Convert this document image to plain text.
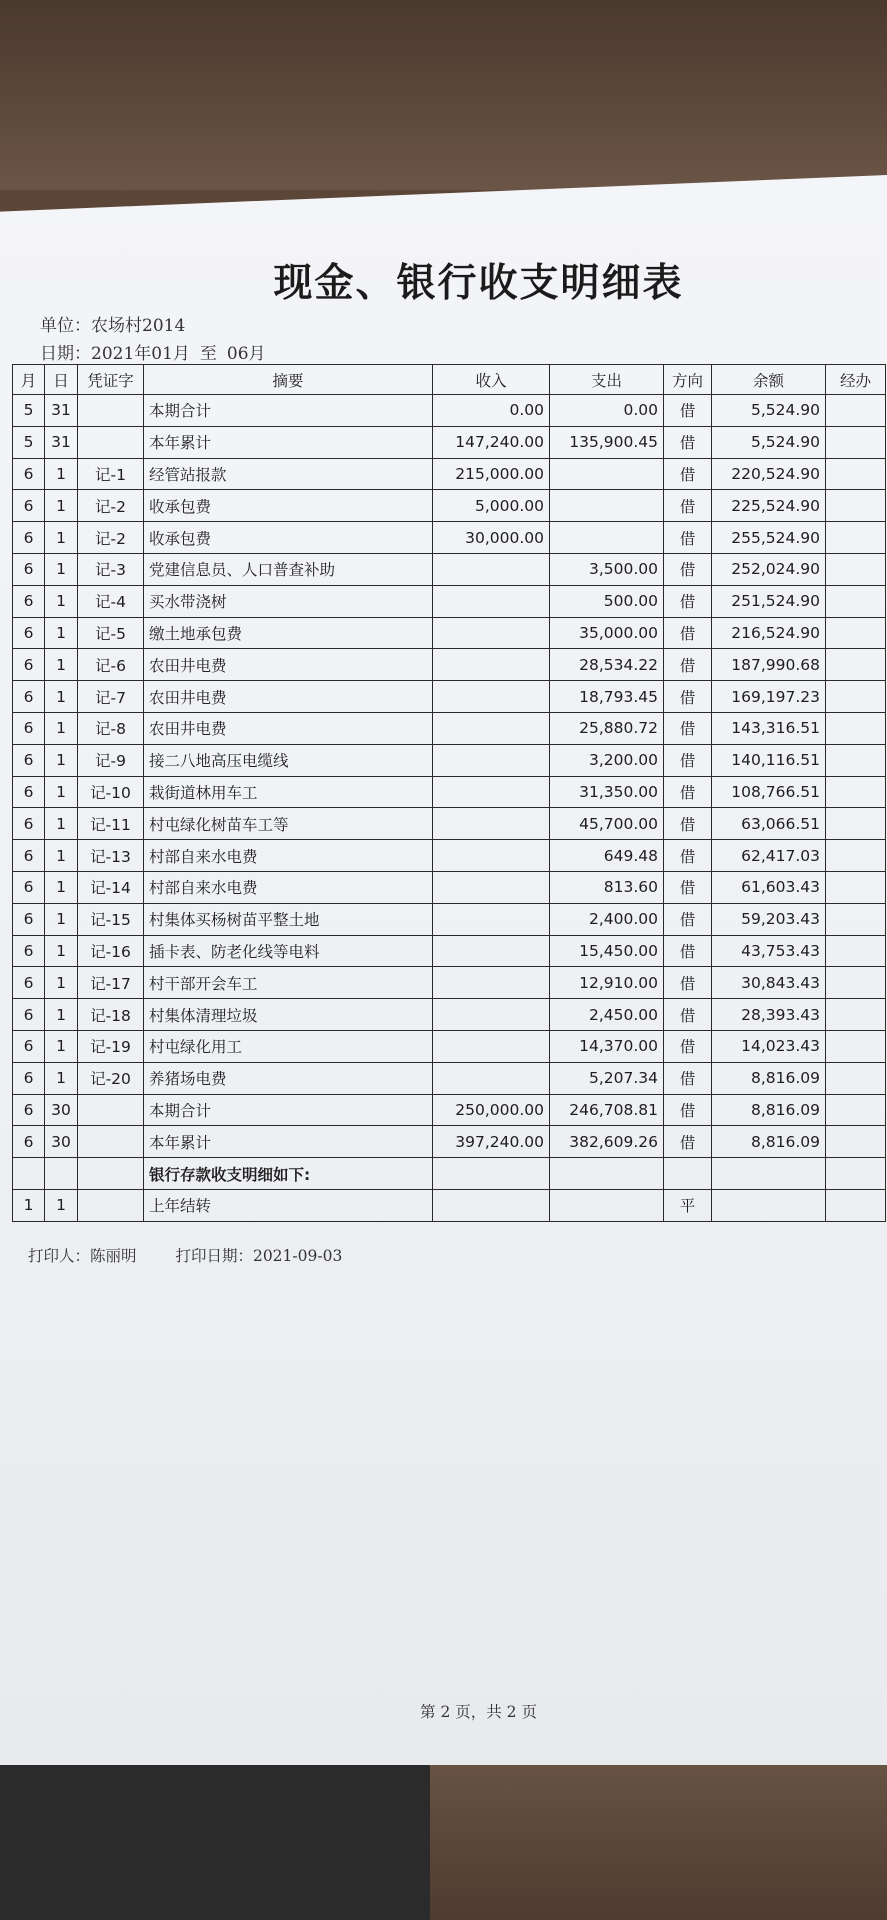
现金、银行收支明细表
单位：农场村2014
日期：2021年01月 至 06月
月	日	凭证字	摘要	收入	支出	方向	余额	经办
5	31		本期合计	0.00	0.00	借	5,524.90	
5	31		本年累计	147,240.00	135,900.45	借	5,524.90	
6	1	记-1	经管站报款	215,000.00		借	220,524.90	
6	1	记-2	收承包费	5,000.00		借	225,524.90	
6	1	记-2	收承包费	30,000.00		借	255,524.90	
6	1	记-3	党建信息员、人口普查补助		3,500.00	借	252,024.90	
6	1	记-4	买水带浇树		500.00	借	251,524.90	
6	1	记-5	缴土地承包费		35,000.00	借	216,524.90	
6	1	记-6	农田井电费		28,534.22	借	187,990.68	
6	1	记-7	农田井电费		18,793.45	借	169,197.23	
6	1	记-8	农田井电费		25,880.72	借	143,316.51	
6	1	记-9	接二八地高压电缆线		3,200.00	借	140,116.51	
6	1	记-10	栽街道林用车工		31,350.00	借	108,766.51	
6	1	记-11	村屯绿化树苗车工等		45,700.00	借	63,066.51	
6	1	记-13	村部自来水电费		649.48	借	62,417.03	
6	1	记-14	村部自来水电费		813.60	借	61,603.43	
6	1	记-15	村集体买杨树苗平整土地		2,400.00	借	59,203.43	
6	1	记-16	插卡表、防老化线等电料		15,450.00	借	43,753.43	
6	1	记-17	村干部开会车工		12,910.00	借	30,843.43	
6	1	记-18	村集体清理垃圾		2,450.00	借	28,393.43	
6	1	记-19	村屯绿化用工		14,370.00	借	14,023.43	
6	1	记-20	养猪场电费		5,207.34	借	8,816.09	
6	30		本期合计	250,000.00	246,708.81	借	8,816.09	
6	30		本年累计	397,240.00	382,609.26	借	8,816.09	
			银行存款收支明细如下:					
1	1		上年结转			平		
打印人：陈丽明	打印日期：2021-09-03
第 2 页，共 2 页
